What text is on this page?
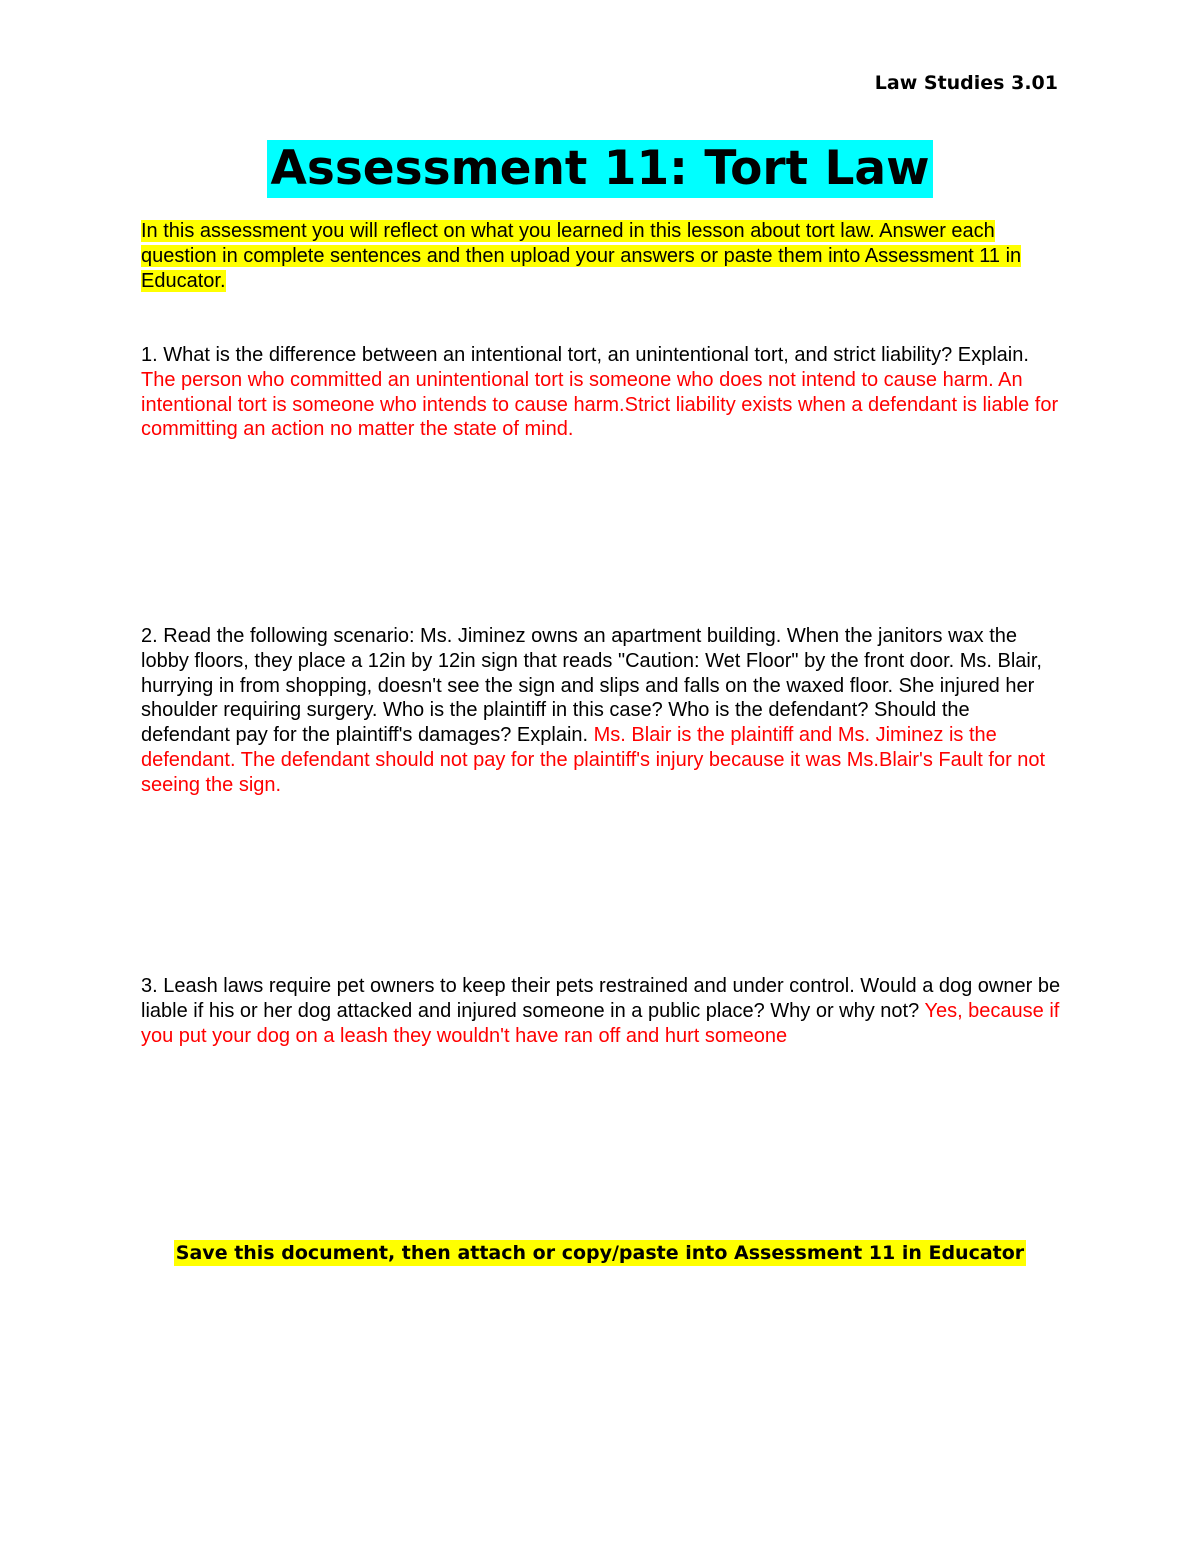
Law Studies 3.01
Assessment 11: Tort Law
In this assessment you will reflect on what you learned in this lesson about tort law. Answer each question in complete sentences and then upload your answers or paste them into Assessment 11 in Educator.
1. What is the difference between an intentional tort, an unintentional tort, and strict liability? Explain. The person who committed an unintentional tort is someone who does not intend to cause harm. An intentional tort is someone who intends to cause harm.Strict liability exists when a defendant is liable for committing an action no matter the state of mind.
2. Read the following scenario: Ms. Jiminez owns an apartment building. When the janitors wax the lobby floors, they place a 12in by 12in sign that reads "Caution: Wet Floor" by the front door. Ms. Blair, hurrying in from shopping, doesn't see the sign and slips and falls on the waxed floor. She injured her shoulder requiring surgery. Who is the plaintiff in this case? Who is the defendant? Should the defendant pay for the plaintiff's damages? Explain. Ms. Blair is the plaintiff and Ms. Jiminez is the defendant. The defendant should not pay for the plaintiff's injury because it was Ms.Blair's Fault for not seeing the sign.
3. Leash laws require pet owners to keep their pets restrained and under control. Would a dog owner be liable if his or her dog attacked and injured someone in a public place? Why or why not? Yes, because if you put your dog on a leash they wouldn't have ran off and hurt someone
Save this document, then attach or copy/paste into Assessment 11 in Educator
